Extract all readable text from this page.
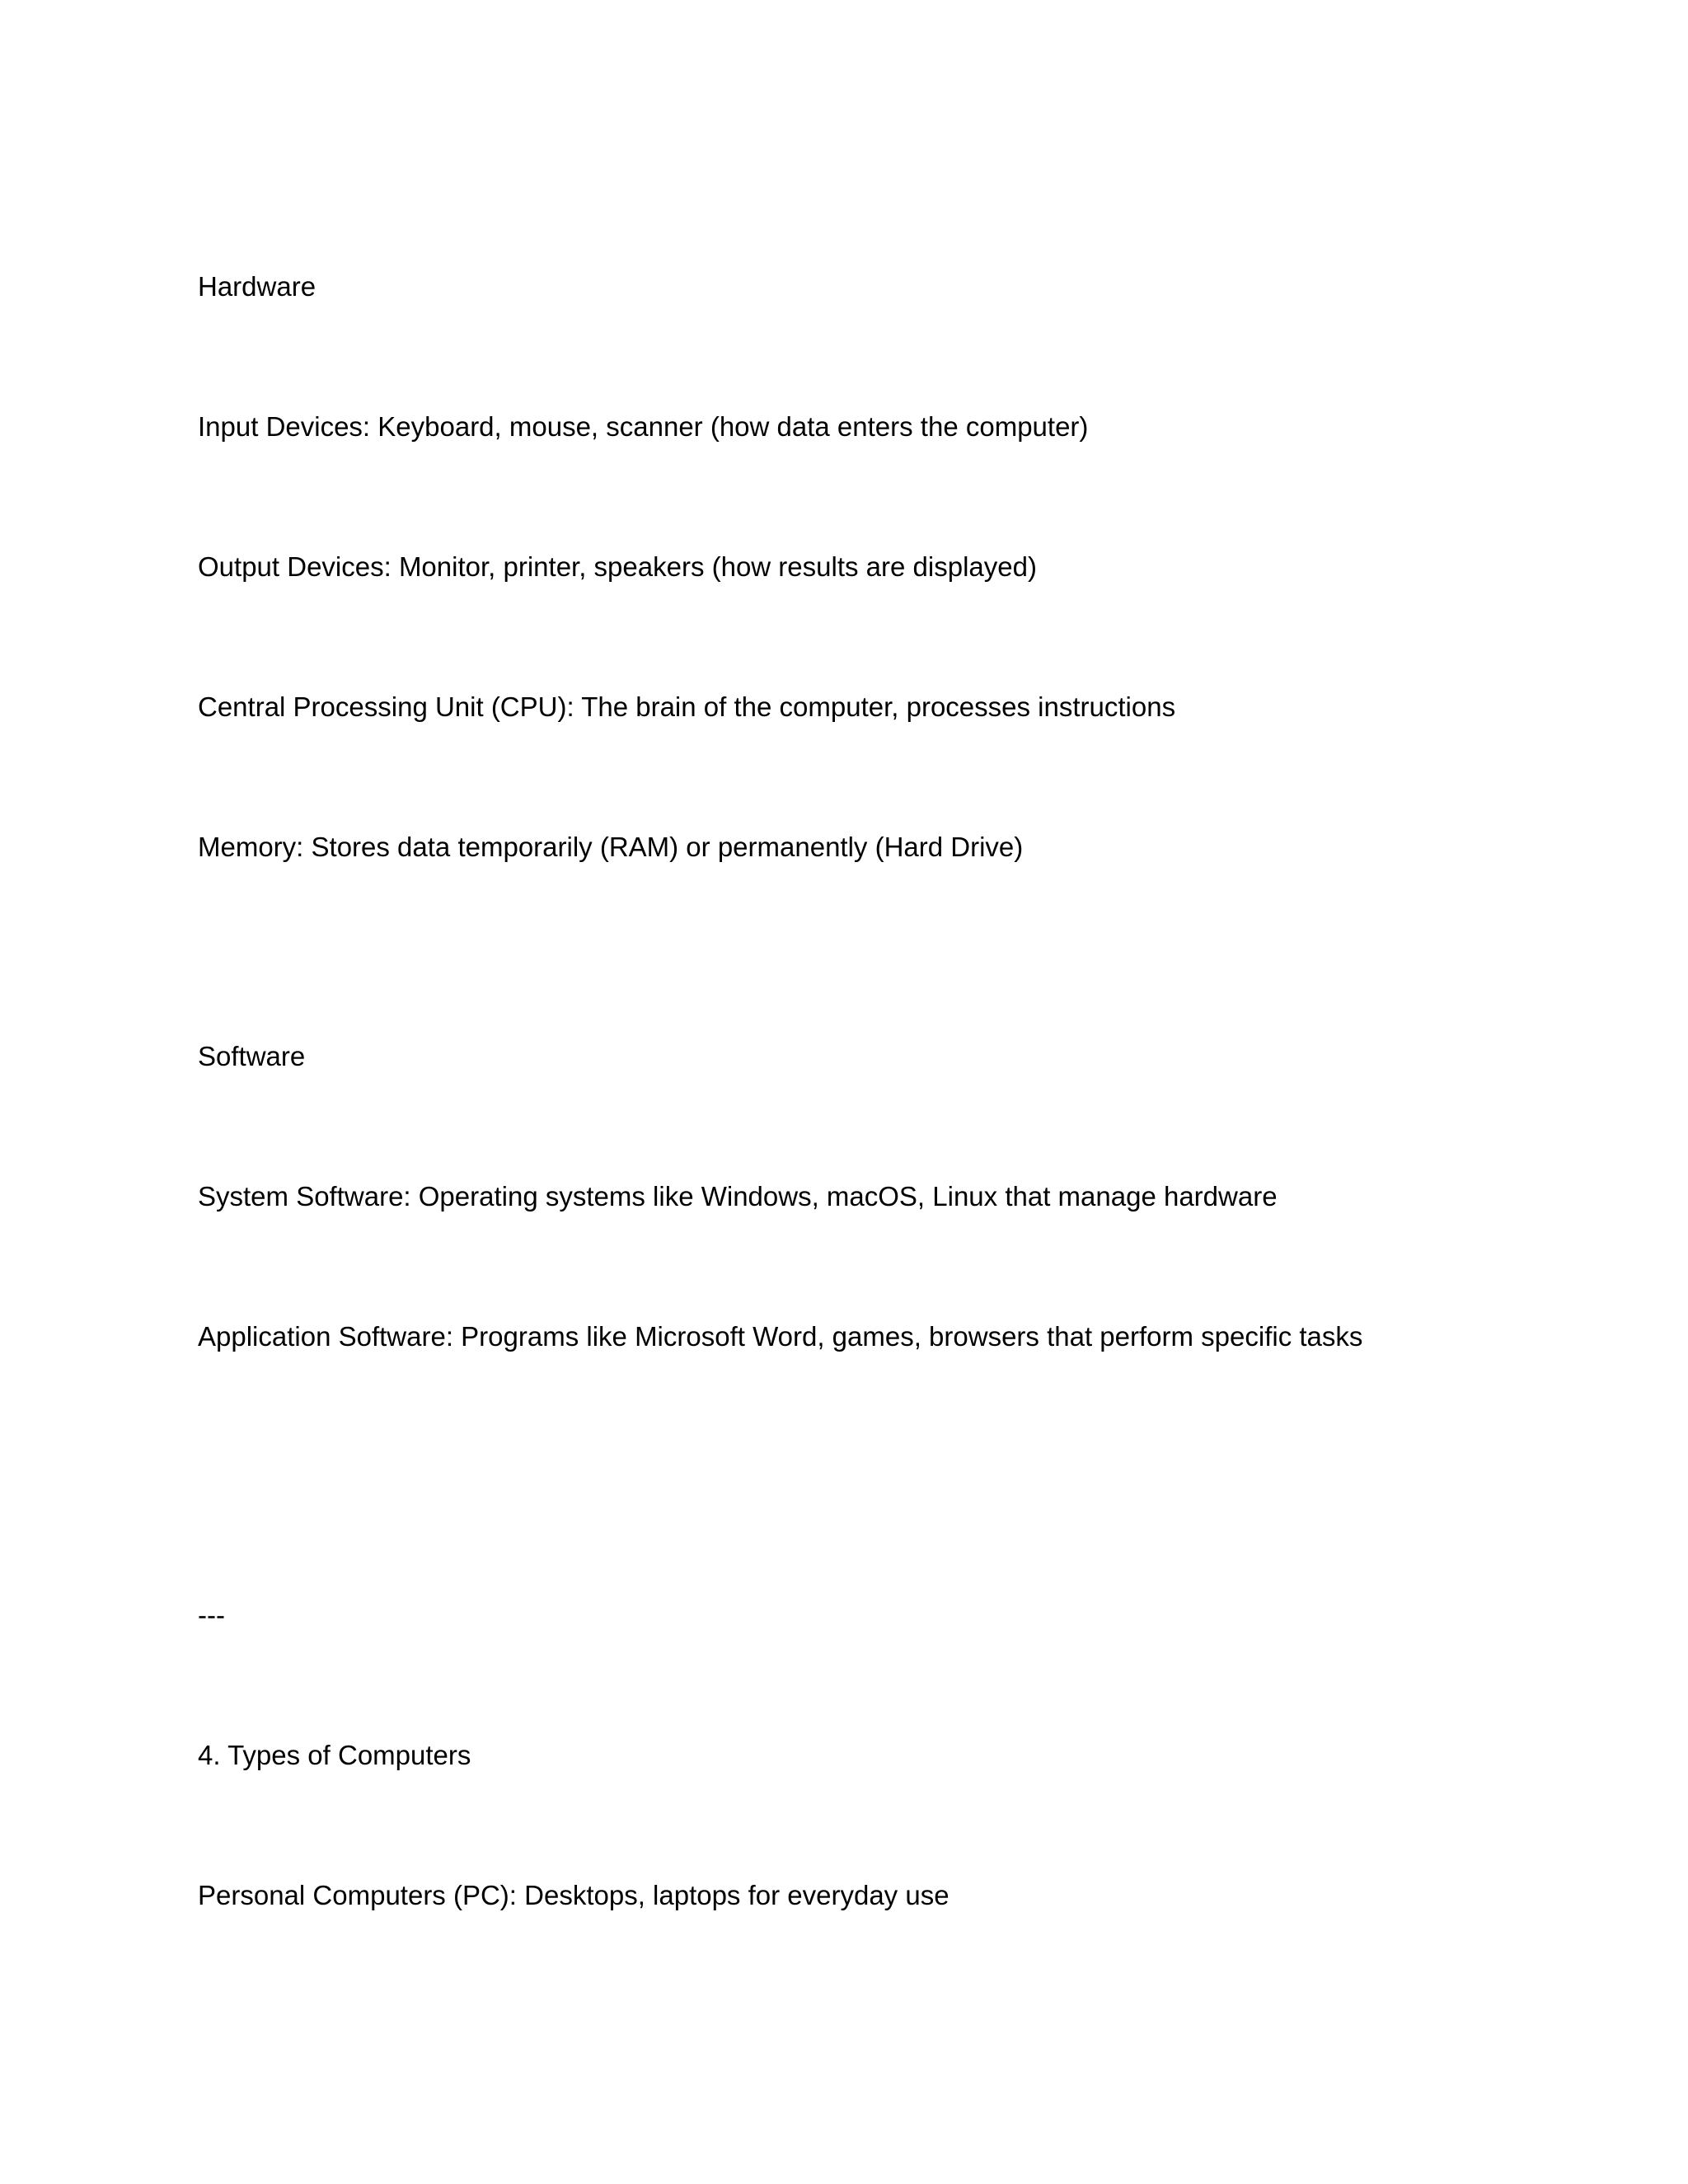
Hardware

Input Devices: Keyboard, mouse, scanner (how data enters the computer)

Output Devices: Monitor, printer, speakers (how results are displayed)

Central Processing Unit (CPU): The brain of the computer, processes instructions

Memory: Stores data temporarily (RAM) or permanently (Hard Drive)

Software

System Software: Operating systems like Windows, macOS, Linux that manage hardware

Application Software: Programs like Microsoft Word, games, browsers that perform specific tasks

---

4. Types of Computers

Personal Computers (PC): Desktops, laptops for everyday use
